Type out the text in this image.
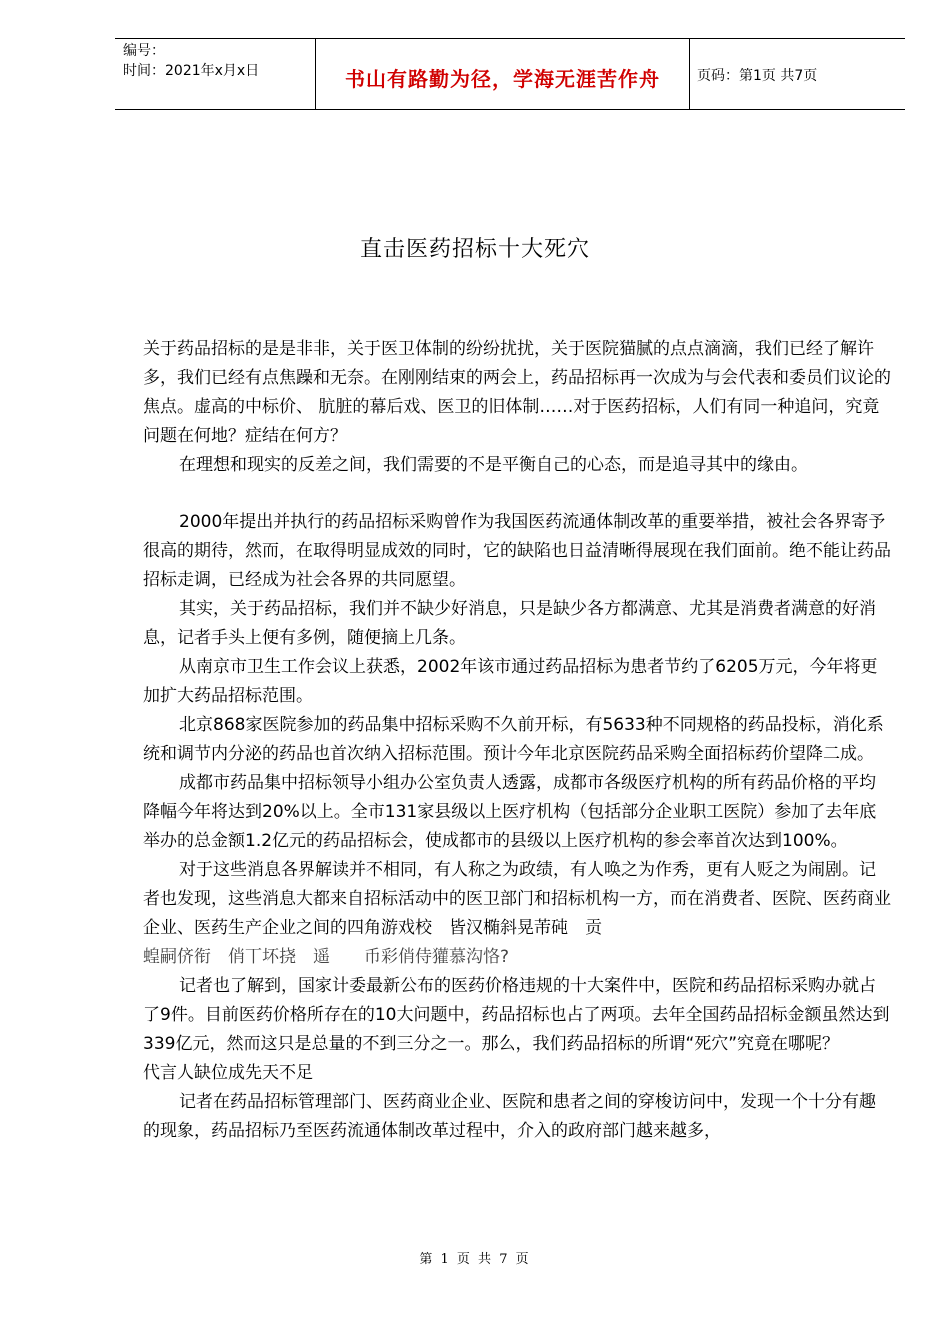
编号：
时间：2021年x月x日	书山有路勤为径，学海无涯苦作舟	页码：第1页 共7页
直击医药招标十大死穴

关于药品招标的是是非非，关于医卫体制的纷纷扰扰，关于医院猫腻的点点滴滴，我们已经了解许多，我们已经有点焦躁和无奈。在刚刚结束的两会上，药品招标再一次成为与会代表和委员们议论的焦点。虚高的中标价、 肮脏的幕后戏、医卫的旧体制……对于医药招标，人们有同一种追问，究竟问题在何地？症结在何方？

在理想和现实的反差之间，我们需要的不是平衡自己的心态，而是追寻其中的缘由。

2000年提出并执行的药品招标采购曾作为我国医药流通体制改革的重要举措，被社会各界寄予很高的期待，然而，在取得明显成效的同时，它的缺陷也日益清晰得展现在我们面前。绝不能让药品招标走调，已经成为社会各界的共同愿望。

其实，关于药品招标，我们并不缺少好消息，只是缺少各方都满意、尤其是消费者满意的好消息，记者手头上便有多例，随便摘上几条。

从南京市卫生工作会议上获悉，2002年该市通过药品招标为患者节约了6205万元，今年将更加扩大药品招标范围。

北京868家医院参加的药品集中招标采购不久前开标，有5633种不同规格的药品投标，消化系统和调节内分泌的药品也首次纳入招标范围。预计今年北京医院药品采购全面招标药价望降二成。

成都市药品集中招标领导小组办公室负责人透露，成都市各级医疗机构的所有药品价格的平均降幅今年将达到20%以上。全市131家县级以上医疗机构（包括部分企业职工医院）参加了去年底举办的总金额1.2亿元的药品招标会，使成都市的县级以上医疗机构的参会率首次达到100%。

对于这些消息各界解读并不相同，有人称之为政绩，有人唤之为作秀，更有人贬之为闹剧。记者也发现，这些消息大都来自招标活动中的医卫部门和招标机构一方，而在消费者、医院、医药商业企业、医药生产企业之间的四角游戏校　皆汉椭斜晃芾砘　贡

蝗嗣侪衔　俏丅坏挠　遥　　币彩俏侍獾慕沟恪?

记者也了解到，国家计委最新公布的医药价格违规的十大案件中，医院和药品招标采购办就占了9件。目前医药价格所存在的10大问题中，药品招标也占了两项。去年全国药品招标金额虽然达到339亿元，然而这只是总量的不到三分之一。那么，我们药品招标的所谓“死穴”究竟在哪呢？

代言人缺位成先天不足

记者在药品招标管理部门、医药商业企业、医院和患者之间的穿梭访问中，发现一个十分有趣的现象，药品招标乃至医药流通体制改革过程中，介入的政府部门越来越多，

第 1 页 共 7 页
